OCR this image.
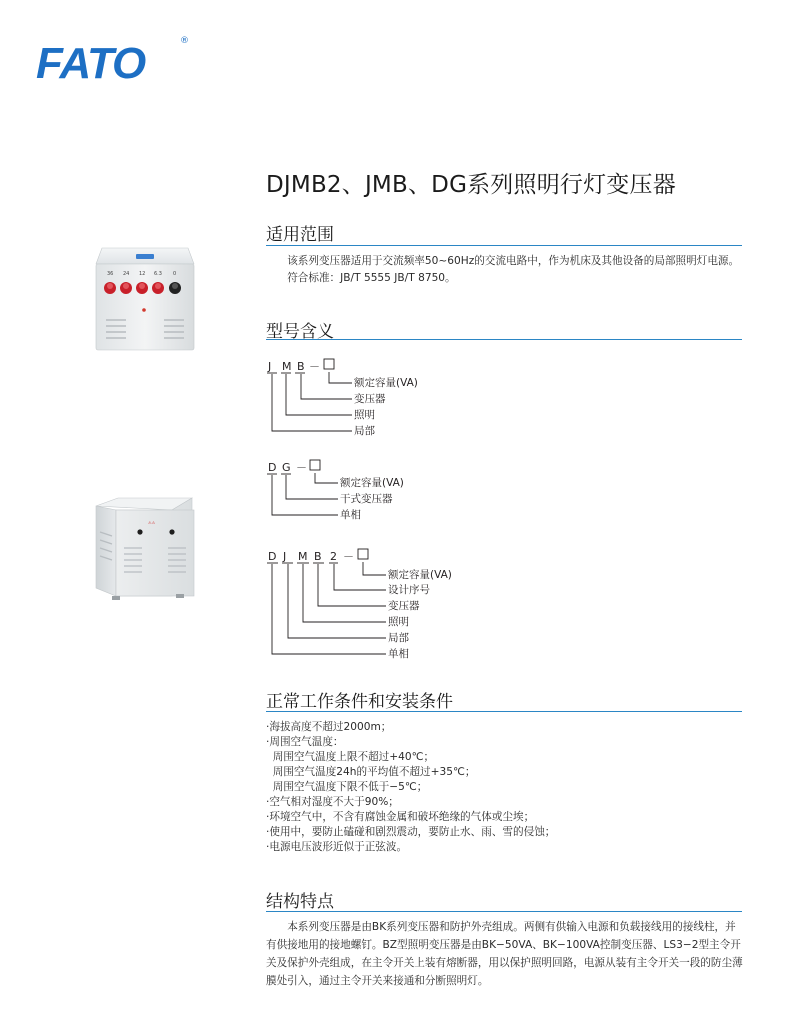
FATO	®
DJMB2、JMB、DG系列照明行灯变压器
适用范围

该系列变压器适用于交流频率50~60Hz的交流电路中，作为机床及其他设备的局部照明灯电源。

符合标准：JB/T 5555 JB/T 8750。

型号含义
J M B －
额定容量(VA)
变压器
照明
局部
D G －
额定容量(VA)
干式变压器
单相
D J M B 2 －
额定容量(VA)
设计序号
变压器
照明
局部
单相
正常工作条件和安装条件
·海拔高度不超过2000m；
·周围空气温度：
周围空气温度上限不超过+40℃；
周围空气温度24h的平均值不超过+35℃；
周围空气温度下限不低于−5℃；
·空气相对湿度不大于90%；
·环境空气中，不含有腐蚀金属和破坏绝缘的气体或尘埃；
·使用中，要防止磕碰和剧烈震动，要防止水、雨、雪的侵蚀；
·电源电压波形近似于正弦波。
结构特点

本系列变压器是由BK系列变压器和防护外壳组成。两侧有供输入电源和负载接线用的接线柱，并有供接地用的接地螺钉。BZ型照明变压器是由BK−50VA、BK−100VA控制变压器、LS3−2型主令开关及保护外壳组成，在主令开关上装有熔断器，用以保护照明回路，电源从装有主令开关一段的防尘薄膜处引入，通过主令开关来接通和分断照明灯。

36 24 12 6.3 0
⚠⚠
